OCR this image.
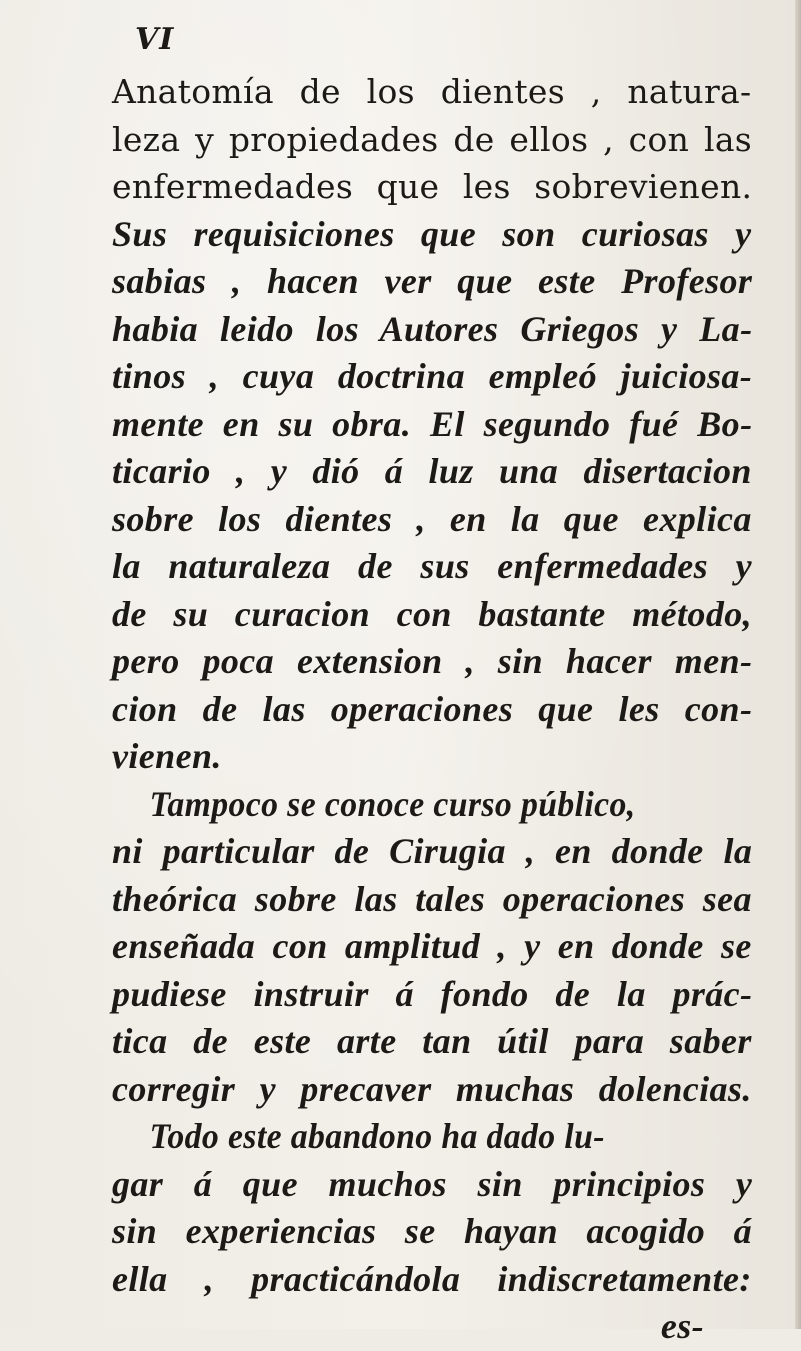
VI
Anatomía de los dientes , natura-
leza y propiedades de ellos , con las
enfermedades que les sobrevienen.
Sus requisiciones que son curiosas y
sabias , hacen ver que este Profesor
habia leido los Autores Griegos y La-
tinos , cuya doctrina empleó juiciosa-
mente en su obra. El segundo fué Bo-
ticario , y dió á luz una disertacion
sobre los dientes , en la que explica
la naturaleza de sus enfermedades y
de su curacion con bastante método,
pero poca extension , sin hacer men-
cion de las operaciones que les con-
vienen.
Tampoco se conoce curso público,
ni particular de Cirugia , en donde la
theórica sobre las tales operaciones sea
enseñada con amplitud , y en donde se
pudiese instruir á fondo de la prác-
tica de este arte tan útil para saber
corregir y precaver muchas dolencias.
Todo este abandono ha dado lu-
gar á que muchos sin principios y
sin experiencias se hayan acogido á
ella , practicándola indiscretamente:
es-
